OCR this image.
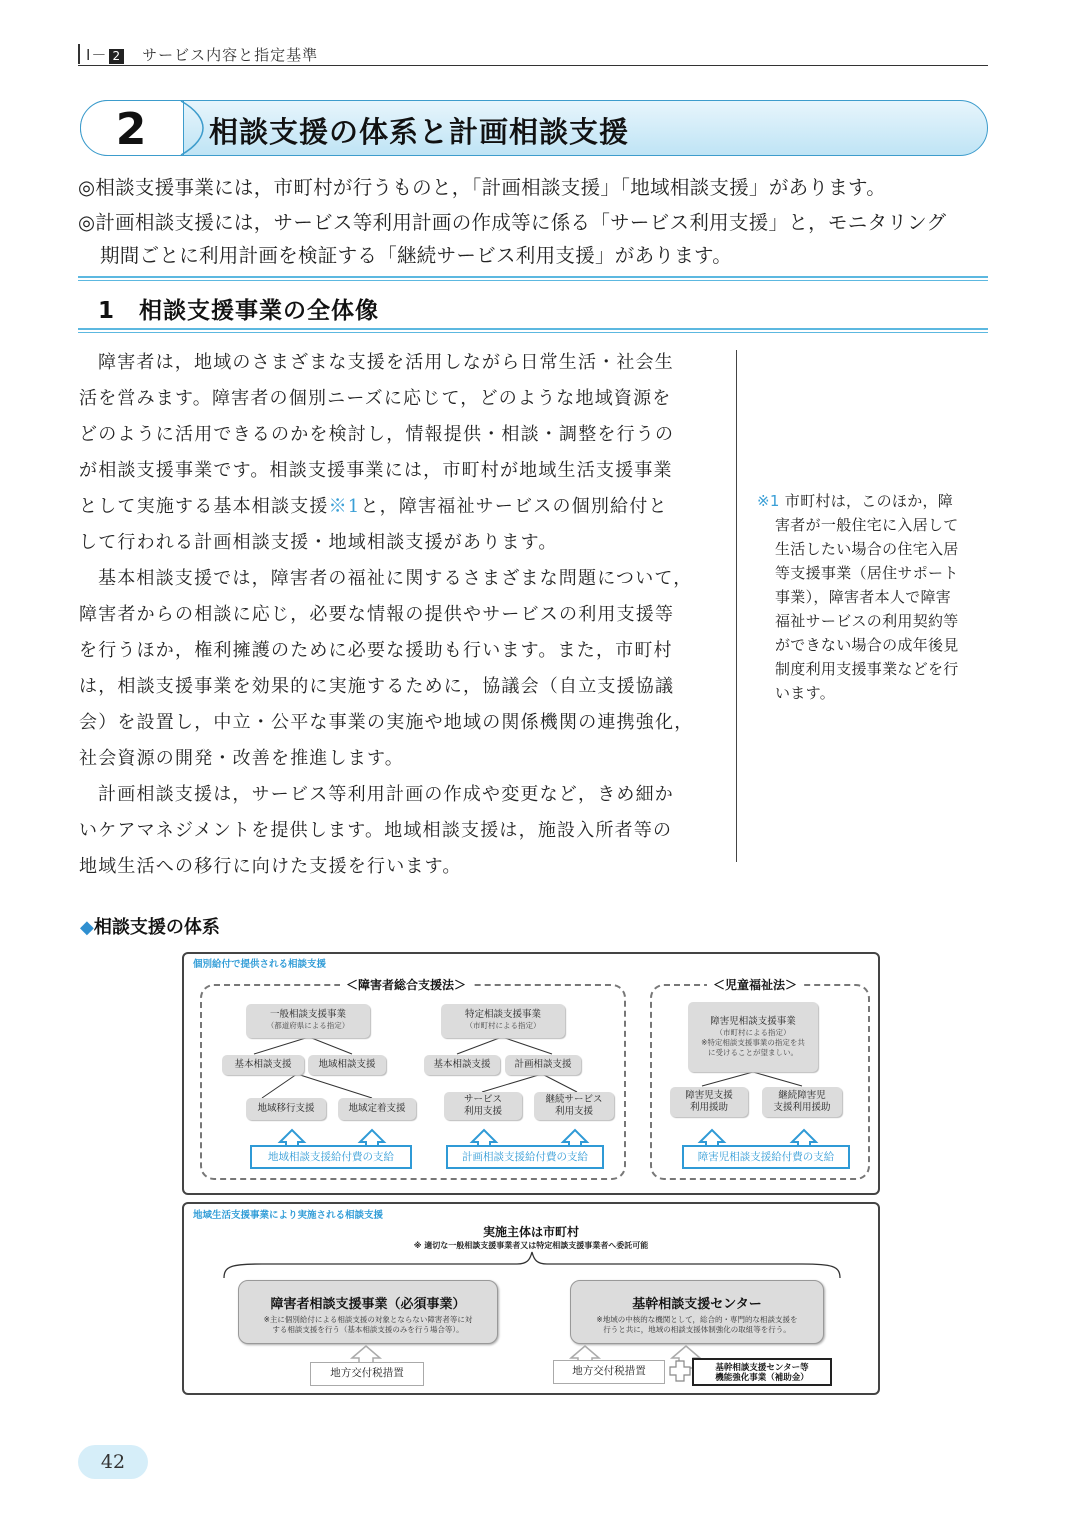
Ⅰ－ 2　 サービス内容と指定基準
2	相談支援の体系と計画相談支援
◎相談支援事業には，市町村が行うものと，「計画相談支援」「地域相談支援」があります。
◎計画相談支援には，サービス等利用計画の作成等に係る「サービス利用支援」と，モニタリング
期間ごとに利用計画を検証する「継続サービス利用支援」があります。
1　相談支援事業の全体像
障害者は，地域のさまざまな支援を活用しながら日常生活・社会生
活を営みます。障害者の個別ニーズに応じて，どのような地域資源を
どのように活用できるのかを検討し，情報提供・相談・調整を行うの
が相談支援事業です。相談支援事業には，市町村が地域生活支援事業
として実施する基本相談支援※1と，障害福祉サービスの個別給付と
して行われる計画相談支援・地域相談支援があります。
基本相談支援では，障害者の福祉に関するさまざまな問題について，
障害者からの相談に応じ，必要な情報の提供やサービスの利用支援等
を行うほか，権利擁護のために必要な援助も行います。また，市町村
は，相談支援事業を効果的に実施するために，協議会（自立支援協議
会）を設置し，中立・公平な事業の実施や地域の関係機関の連携強化，
社会資源の開発・改善を推進します。
計画相談支援は，サービス等利用計画の作成や変更など，きめ細か
いケアマネジメントを提供します。地域相談支援は，施設入所者等の
地域生活への移行に向けた支援を行います。
※1 市町村は，このほか，障
害者が一般住宅に入居して
生活したい場合の住宅入居
等支援事業（居住サポート
事業），障害者本人で障害
福祉サービスの利用契約等
ができない場合の成年後見
制度利用支援事業などを行
います。
◆相談支援の体系
個別給付で提供される相談支援
＜障害者総合支援法＞	＜児童福祉法＞
一般相談支援事業
（都道府県による指定）
特定相談支援事業
（市町村による指定）	障害児相談支援事業
（市町村による指定）
※特定相談支援事業の指定を共
に受けることが望ましい。
基本相談支援	地域相談支援	基本相談支援	計画相談支援
地域移行支援	地域定着支援
サービス
利用支援
継続サービス
利用支援
障害児支援
利用援助
継続障害児
支援利用援助
地域相談支援給付費の支給	計画相談支援給付費の支給	障害児相談支援給付費の支給
地域生活支援事業により実施される相談支援
実施主体は市町村
※ 適切な一般相談支援事業者又は特定相談支援事業者へ委託可能
障害者相談支援事業（必須事業）
※主に個別給付による相談支援の対象とならない障害者等に対
する相談支援を行う（基本相談支援のみを行う場合等）。
基幹相談支援センター
※地域の中核的な機関として，総合的・専門的な相談支援を
行うと共に，地域の相談支援体制強化の取組等を行う。
地方交付税措置	地方交付税措置	基幹相談支援センター等
機能強化事業（補助金）
42
